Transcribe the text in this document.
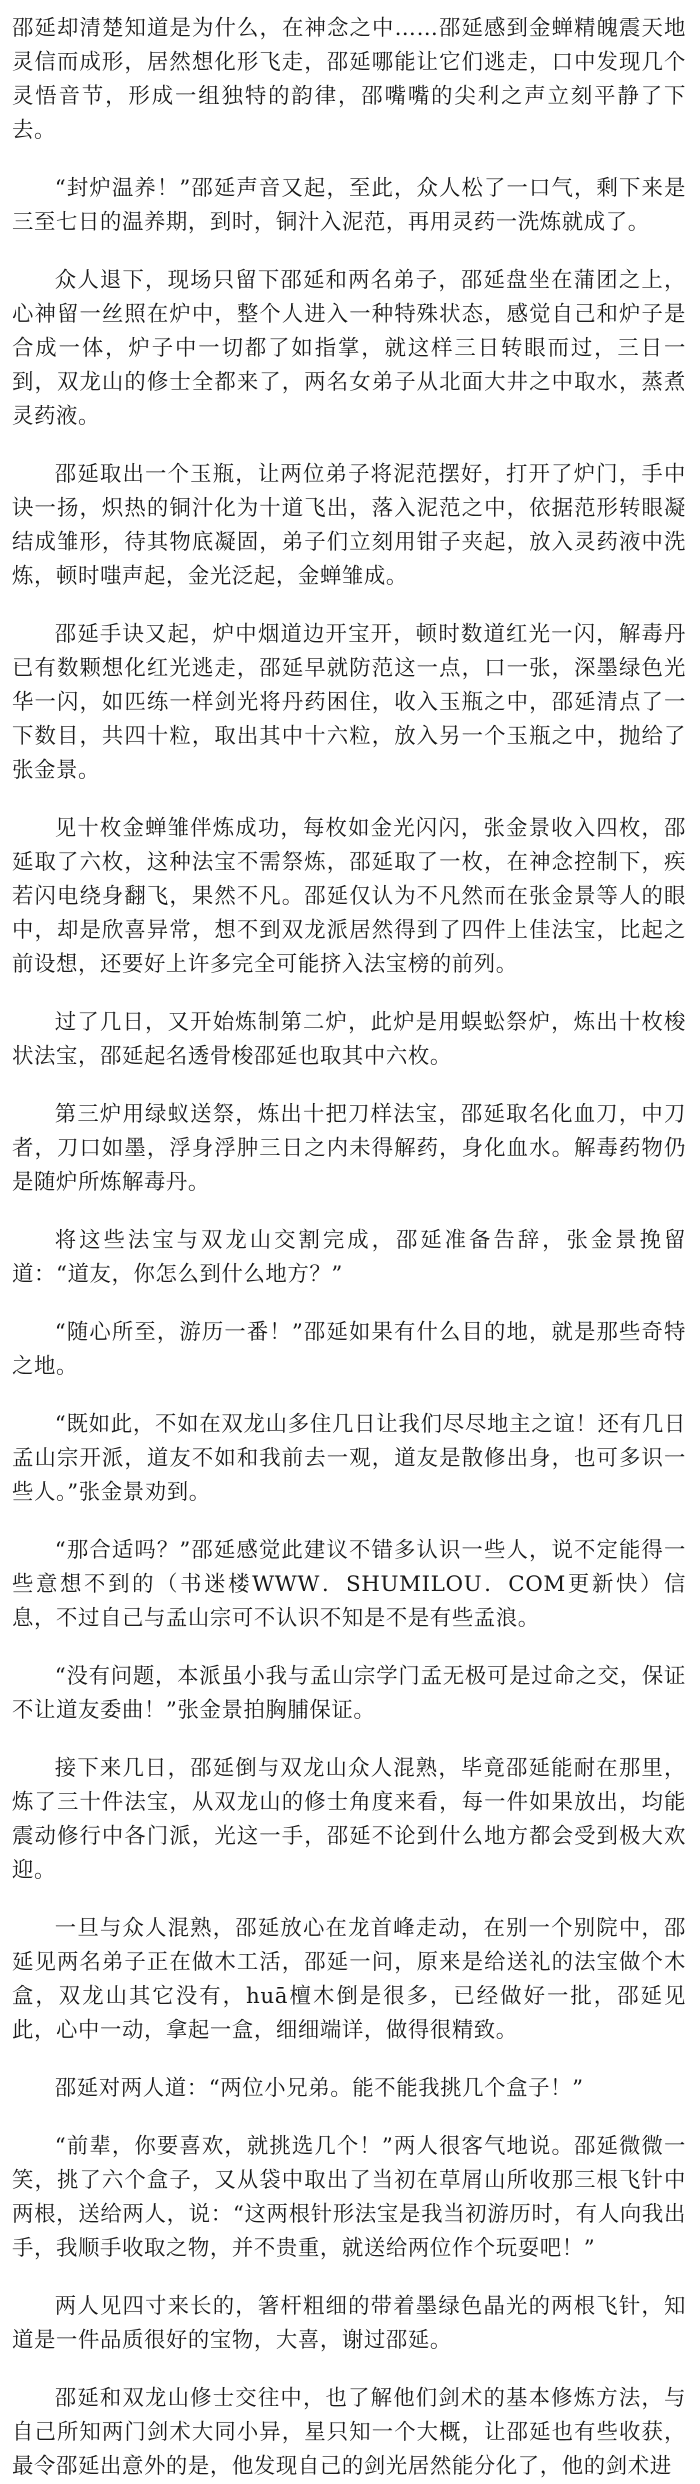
邵延却清楚知道是为什么，在神念之中……邵延感到金蝉精魄震天地灵信而成形，居然想化形飞走，邵延哪能让它们逃走，口中发现几个灵悟音节，形成一组独特的韵律，邵嘴嘴的尖利之声立刻平静了下去。

“封炉温养！”邵延声音又起，至此，众人松了一口气，剩下来是三至七日的温养期，到时，铜汁入泥范，再用灵药一洗炼就成了。

众人退下，现场只留下邵延和两名弟子，邵延盘坐在蒲团之上，心神留一丝照在炉中，整个人进入一种特殊状态，感觉自己和炉子是合成一体，炉子中一切都了如指掌，就这样三日转眼而过，三日一到，双龙山的修士全都来了，两名女弟子从北面大井之中取水，蒸煮灵药液。

邵延取出一个玉瓶，让两位弟子将泥范摆好，打开了炉门，手中诀一扬，炽热的铜汁化为十道飞出，落入泥范之中，依据范形转眼凝结成雏形，待其物底凝固，弟子们立刻用钳子夹起，放入灵药液中洗炼，顿时嗤声起，金光泛起，金蝉雏成。

邵延手诀又起，炉中烟道边开宝开，顿时数道红光一闪，解毒丹已有数颗想化红光逃走，邵延早就防范这一点，口一张，深墨绿色光华一闪，如匹练一样剑光将丹药困住，收入玉瓶之中，邵延清点了一下数目，共四十粒，取出其中十六粒，放入另一个玉瓶之中，抛给了张金景。

见十枚金蝉雏伴炼成功，每枚如金光闪闪，张金景收入四枚，邵延取了六枚，这种法宝不需祭炼，邵延取了一枚，在神念控制下，疾若闪电绕身翻飞，果然不凡。邵延仅认为不凡然而在张金景等人的眼中，却是欣喜异常，想不到双龙派居然得到了四件上佳法宝，比起之前设想，还要好上许多完全可能挤入法宝榜的前列。

过了几日，又开始炼制第二炉，此炉是用蜈蚣祭炉，炼出十枚梭状法宝，邵延起名透骨梭邵延也取其中六枚。

第三炉用绿蚁送祭，炼出十把刀样法宝，邵延取名化血刀，中刀者，刀口如墨，浮身浮肿三日之内未得解药，身化血水。解毒药物仍是随炉所炼解毒丹。

将这些法宝与双龙山交割完成，邵延准备告辞，张金景挽留道：“道友，你怎么到什么地方？”

“随心所至，游历一番！”邵延如果有什么目的地，就是那些奇特之地。

“既如此，不如在双龙山多住几日让我们尽尽地主之谊！还有几日孟山宗开派，道友不如和我前去一观，道友是散修出身，也可多识一些人。”张金景劝到。

“那合适吗？”邵延感觉此建议不错多认识一些人，说不定能得一些意想不到的（书迷楼WWW．SHUMILOU．COM更新快）信息，不过自己与孟山宗可不认识不知是不是有些孟浪。

“没有问题，本派虽小我与孟山宗学门孟无极可是过命之交，保证不让道友委曲！”张金景拍胸脯保证。

接下来几日，邵延倒与双龙山众人混熟，毕竟邵延能耐在那里，炼了三十件法宝，从双龙山的修士角度来看，每一件如果放出，均能震动修行中各门派，光这一手，邵延不论到什么地方都会受到极大欢迎。

一旦与众人混熟，邵延放心在龙首峰走动，在别一个别院中，邵延见两名弟子正在做木工活，邵延一问，原来是给送礼的法宝做个木盒，双龙山其它没有，huā檀木倒是很多，已经做好一批，邵延见此，心中一动，拿起一盒，细细端详，做得很精致。

邵延对两人道：“两位小兄弟。能不能我挑几个盒子！”

“前辈，你要喜欢，就挑选几个！”两人很客气地说。邵延微微一笑，挑了六个盒子，又从袋中取出了当初在草屑山所收那三根飞针中两根，送给两人，说：“这两根针形法宝是我当初游历时，有人向我出手，我顺手收取之物，并不贵重，就送给两位作个玩耍吧！”

两人见四寸来长的，箸杆粗细的带着墨绿色晶光的两根飞针，知道是一件品质很好的宝物，大喜，谢过邵延。

邵延和双龙山修士交往中，也了解他们剑术的基本修炼方法，与自己所知两门剑术大同小异，星只知一个大概，让邵延也有些收获，最令邵延出意外的是，他发现自己的剑光居然能分化了，他的剑术进
